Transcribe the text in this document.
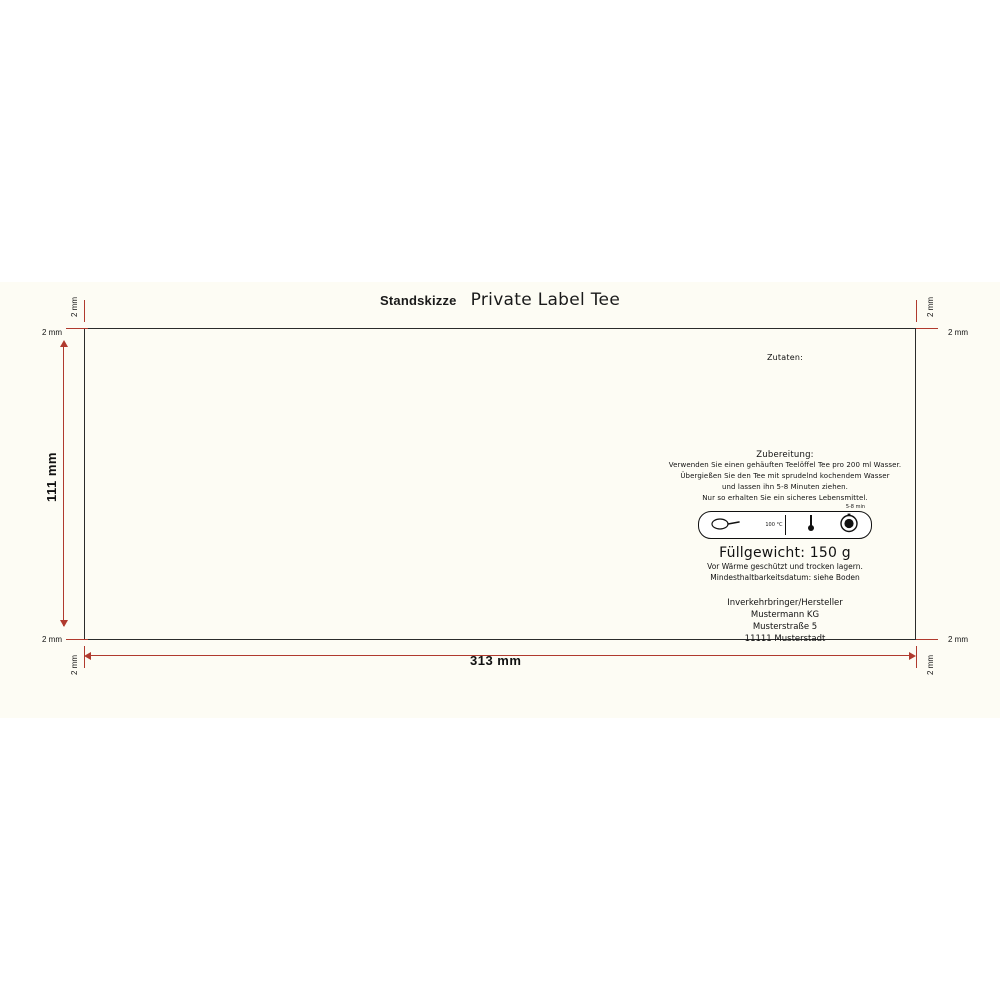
Standskizze Private Label Tee
2 mm
2 mm
2 mm
2 mm
2 mm
2 mm
2 mm
2 mm
111 mm
313 mm
Zutaten:
Zubereitung:
Verwenden Sie einen gehäuften Teelöffel Tee pro 200 ml Wasser.
Übergießen Sie den Tee mit sprudelnd kochendem Wasser
und lassen ihn 5-8 Minuten ziehen.
Nur so erhalten Sie ein sicheres Lebensmittel.
100 °C
5-8 min
Füllgewicht: 150 g
Vor Wärme geschützt und trocken lagern.
Mindesthaltbarkeitsdatum: siehe Boden
Inverkehrbringer/Hersteller
Mustermann KG
Musterstraße 5
11111 Musterstadt
